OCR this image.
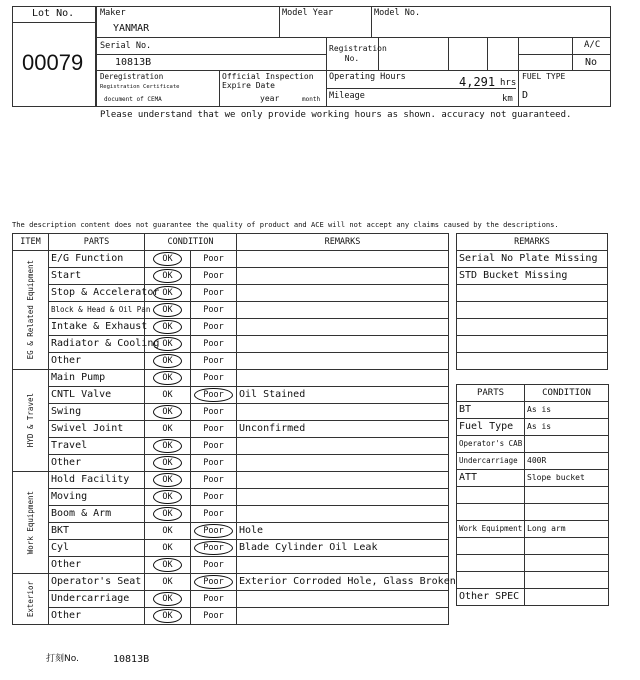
Lot No.
00079
Maker
YANMAR
Model Year	Model No.
Serial No.
10813B
Registration No.
A/C
No
Deregistration
Registration Certificate
document of CEMA
Official Inspection Expire Date
year	month
Operating Hours	4,291 hrs
Mileage	km
FUEL TYPE
D
Please understand that we only provide working hours as shown. accuracy not guaranteed.
The description content does not guarantee the quality of product and ACE will not accept any claims caused by the descriptions.
ITEM	PARTS	CONDITION		REMARKS

EG & Related Equipment	E/G Function	OK	Poor	
	Start	OK	Poor	
	Stop & Accelerator	OK	Poor	
	Block & Head & Oil Pan	OK	Poor	
	Intake & Exhaust	OK	Poor	
	Radiator & Cooling	OK	Poor	
	Other	OK	Poor	

HYD & Travel	Main Pump	OK	Poor	
	CNTL Valve	OK	Poor	Oil Stained
	Swing	OK	Poor	
	Swivel Joint	OK	Poor	Unconfirmed
	Travel	OK	Poor	
	Other	OK	Poor	

Work Equipment	Hold Facility	OK	Poor	
	Moving	OK	Poor	
	Boom & Arm	OK	Poor	
	BKT	OK	Poor	Hole
	Cyl	OK	Poor	Blade Cylinder Oil Leak
	Other	OK	Poor	

Exterior	Operator's Seat	OK	Poor	Exterior Corroded Hole, Glass Broken
	Undercarriage	OK	Poor	
	Other	OK	Poor	
REMARKS
Serial No Plate Missing
STD Bucket Missing

PARTS	CONDITION
BT	As is
Fuel Type	As is
Operator's CAB	
Undercarriage	400R
ATT	Slope bucket

Work Equipment	Long arm

Other SPEC	
打刻No.	10813B
